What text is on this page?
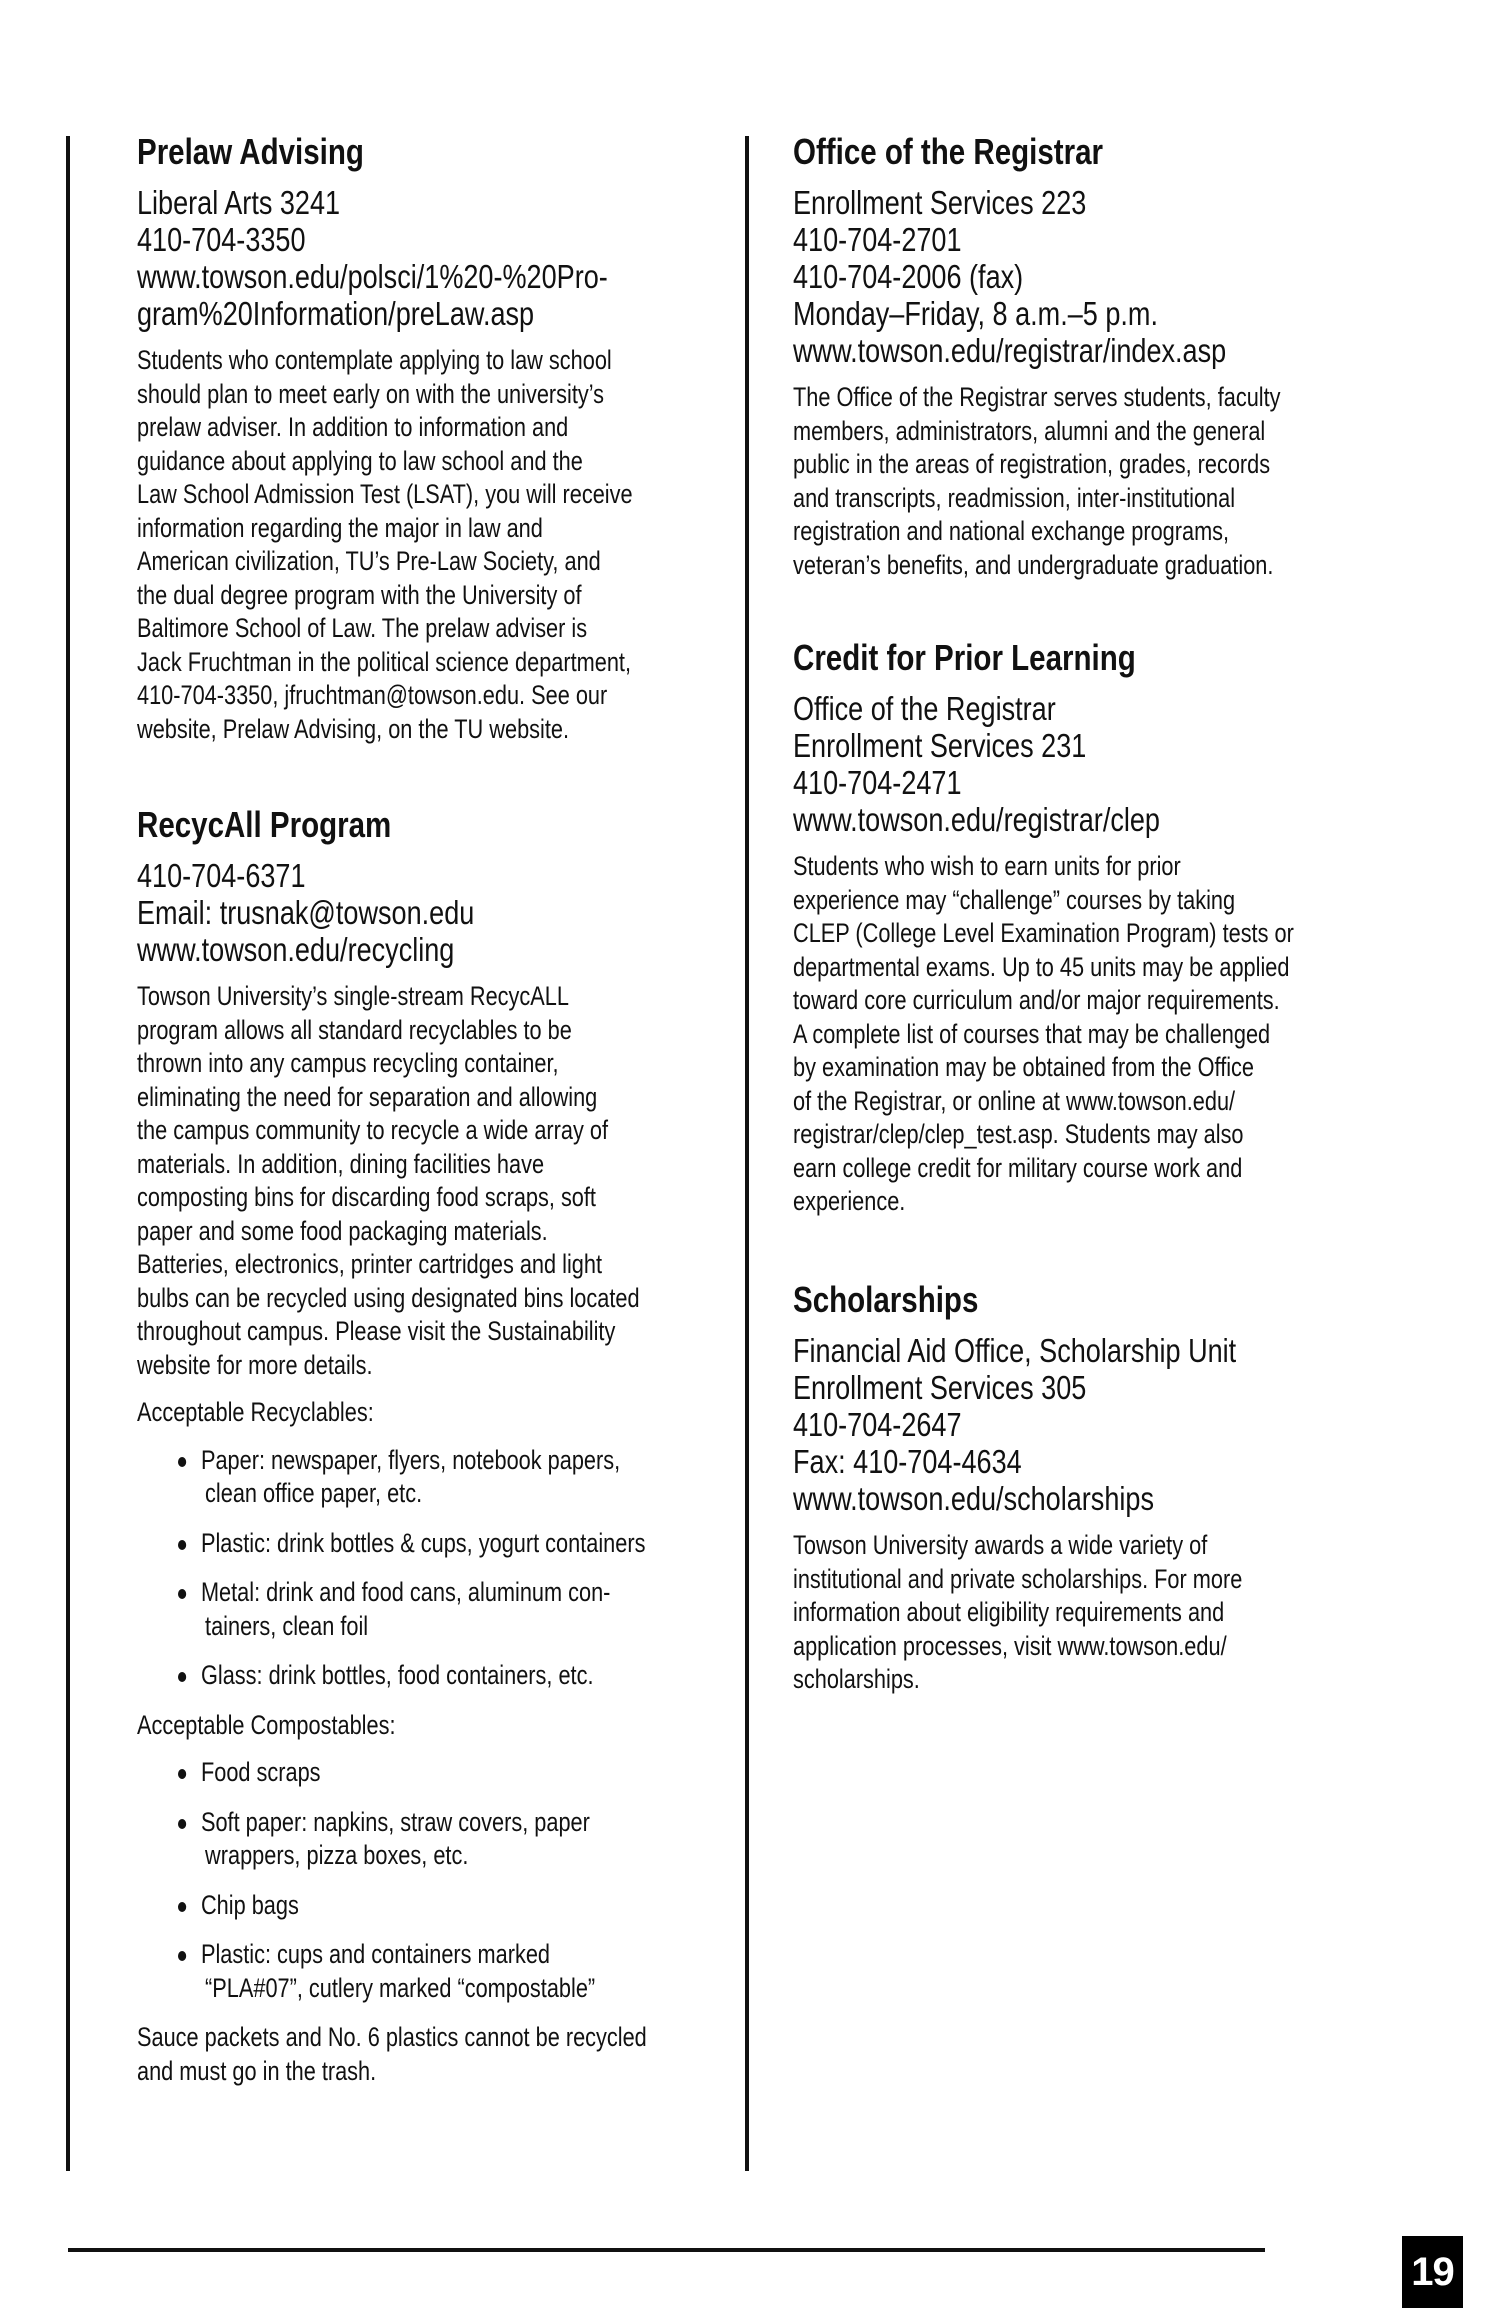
19
Prelaw Advising
Liberal Arts 3241
410-704-3350
www.towson.edu/polsci/1%20-%20Pro-
gram%20Information/preLaw.asp
Students who contemplate applying to law school
should plan to meet early on with the university’s
prelaw adviser. In addition to information and
guidance about applying to law school and the
Law School Admission Test (LSAT), you will receive
information regarding the major in law and
American civilization, TU’s Pre-Law Society, and
the dual degree program with the University of
Baltimore School of Law. The prelaw adviser is
Jack Fruchtman in the political science department,
410-704-3350, jfruchtman@towson.edu. See our
website, Prelaw Advising, on the TU website.
RecycAll Program
410-704-6371
Email: trusnak@towson.edu
www.towson.edu/recycling
Towson University’s single-stream RecycALL
program allows all standard recyclables to be
thrown into any campus recycling container,
eliminating the need for separation and allowing
the campus community to recycle a wide array of
materials. In addition, dining facilities have
composting bins for discarding food scraps, soft
paper and some food packaging materials.
Batteries, electronics, printer cartridges and light
bulbs can be recycled using designated bins located
throughout campus. Please visit the Sustainability
website for more details.
Acceptable Recyclables:
Paper: newspaper, flyers, notebook papers,
clean office paper, etc.
Plastic: drink bottles & cups, yogurt containers
Metal: drink and food cans, aluminum con-
tainers, clean foil
Glass: drink bottles, food containers, etc.
Acceptable Compostables:
Food scraps
Soft paper: napkins, straw covers, paper
wrappers, pizza boxes, etc.
Chip bags
Plastic: cups and containers marked
“PLA#07”, cutlery marked “compostable”
Sauce packets and No. 6 plastics cannot be recycled
and must go in the trash.
Office of the Registrar
Enrollment Services 223
410-704-2701
410-704-2006 (fax)
Monday–Friday, 8 a.m.–5 p.m.
www.towson.edu/registrar/index.asp
The Office of the Registrar serves students, faculty
members, administrators, alumni and the general
public in the areas of registration, grades, records
and transcripts, readmission, inter-institutional
registration and national exchange programs,
veteran’s benefits, and undergraduate graduation.
Credit for Prior Learning
Office of the Registrar
Enrollment Services 231
410-704-2471
www.towson.edu/registrar/clep
Students who wish to earn units for prior
experience may “challenge” courses by taking
CLEP (College Level Examination Program) tests or
departmental exams. Up to 45 units may be applied
toward core curriculum and/or major requirements.
A complete list of courses that may be challenged
by examination may be obtained from the Office
of the Registrar, or online at www.towson.edu/
registrar/clep/clep_test.asp. Students may also
earn college credit for military course work and
experience.
Scholarships
Financial Aid Office, Scholarship Unit
Enrollment Services 305
410-704-2647
Fax: 410-704-4634
www.towson.edu/scholarships
Towson University awards a wide variety of
institutional and private scholarships. For more
information about eligibility requirements and
application processes, visit www.towson.edu/
scholarships.
